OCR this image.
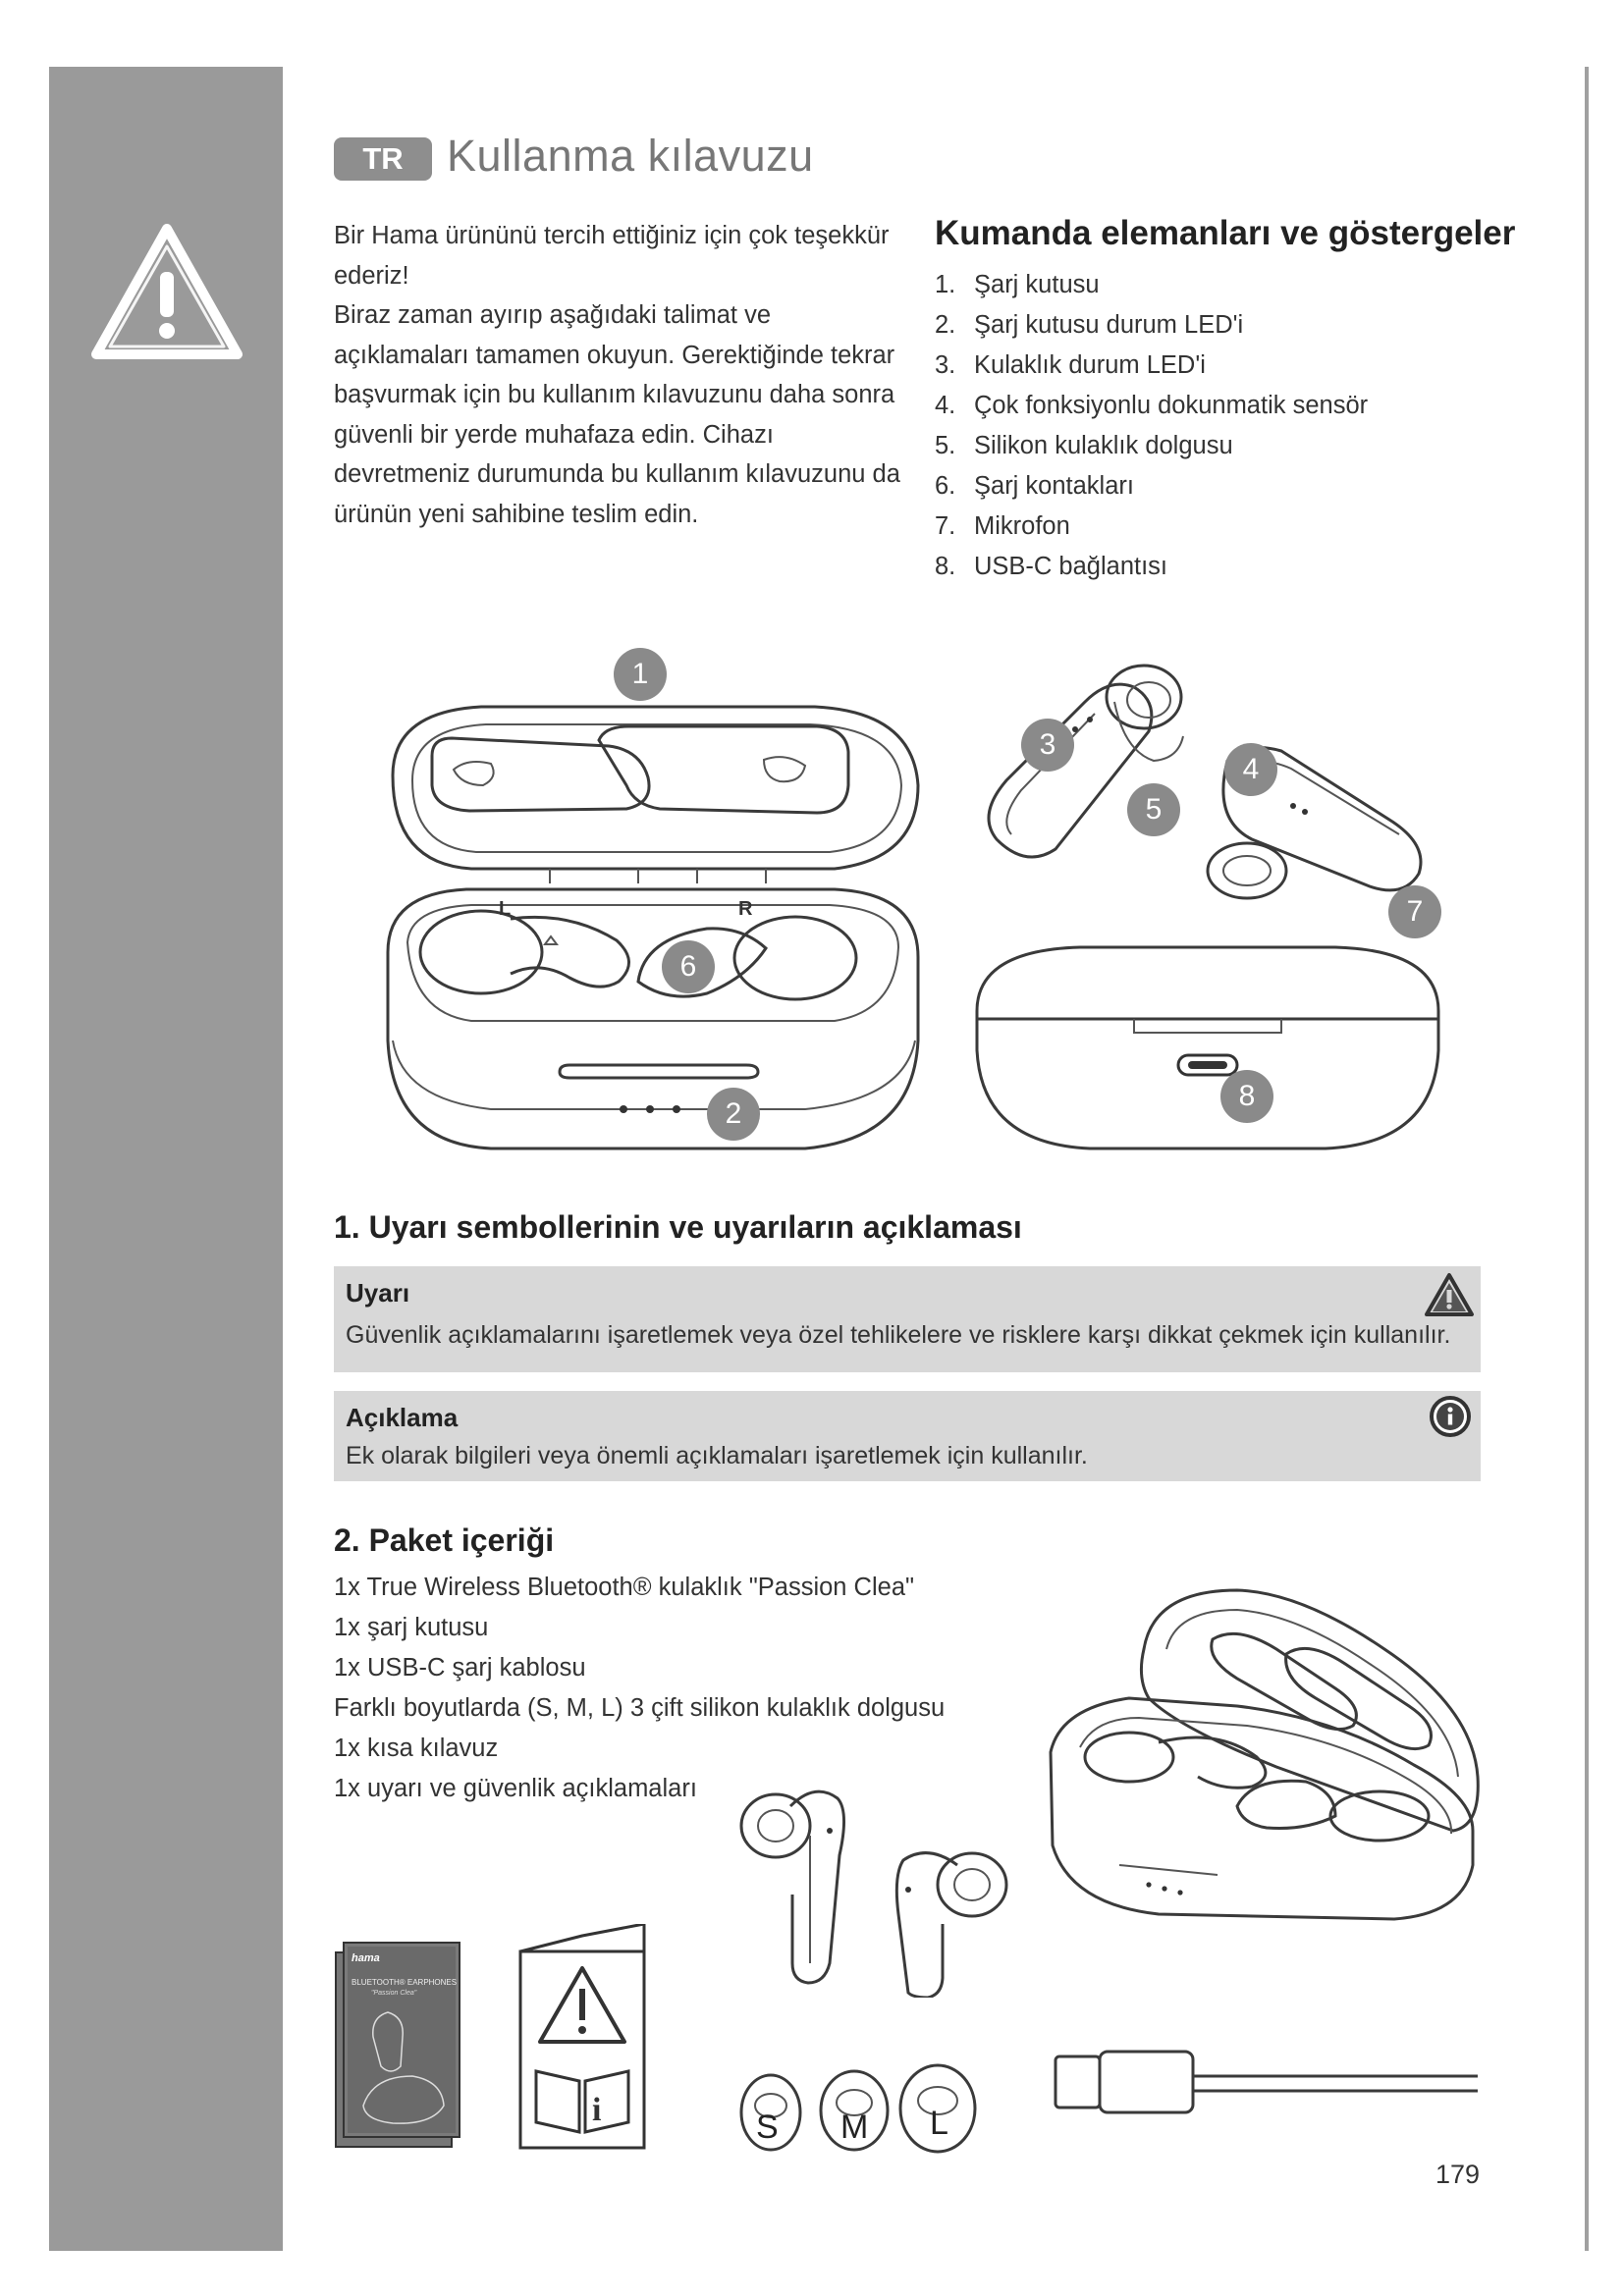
TR Kullanma kılavuzu

Bir Hama ürününü tercih ettiğiniz için çok teşekkür ederiz!

Biraz zaman ayırıp aşağıdaki talimat ve açıklamaları tamamen okuyun. Gerektiğinde tekrar başvurmak için bu kullanım kılavuzunu daha sonra güvenli bir yerde muhafaza edin. Cihazı devretmeniz durumunda bu kullanım kılavuzunu da ürünün yeni sahibine teslim edin.

Kumanda elemanları ve göstergeler
1. Şarj kutusu
2. Şarj kutusu durum LED'i
3. Kulaklık durum LED'i
4. Çok fonksiyonlu dokunmatik sensör
5. Silikon kulaklık dolgusu
6. Şarj kontakları
7. Mikrofon
8. USB-C bağlantısı
L	R
1
2
6
3
4
5
7
8
1. Uyarı sembollerinin ve uyarıların açıklaması
Uyarı
Güvenlik açıklamalarını işaretlemek veya özel tehlikelere ve risklere karşı dikkat çekmek için kullanılır.
Açıklama
Ek olarak bilgileri veya önemli açıklamaları işaretlemek için kullanılır.
2. Paket içeriği
1x True Wireless Bluetooth® kulaklık "Passion Clea"
1x şarj kutusu
1x USB-C şarj kablosu
Farklı boyutlarda (S, M, L) 3 çift silikon kulaklık dolgusu
1x kısa kılavuz
1x uyarı ve güvenlik açıklamaları
hama
BLUETOOTH® EARPHONES
"Passion Clea"
i	S M L
179
